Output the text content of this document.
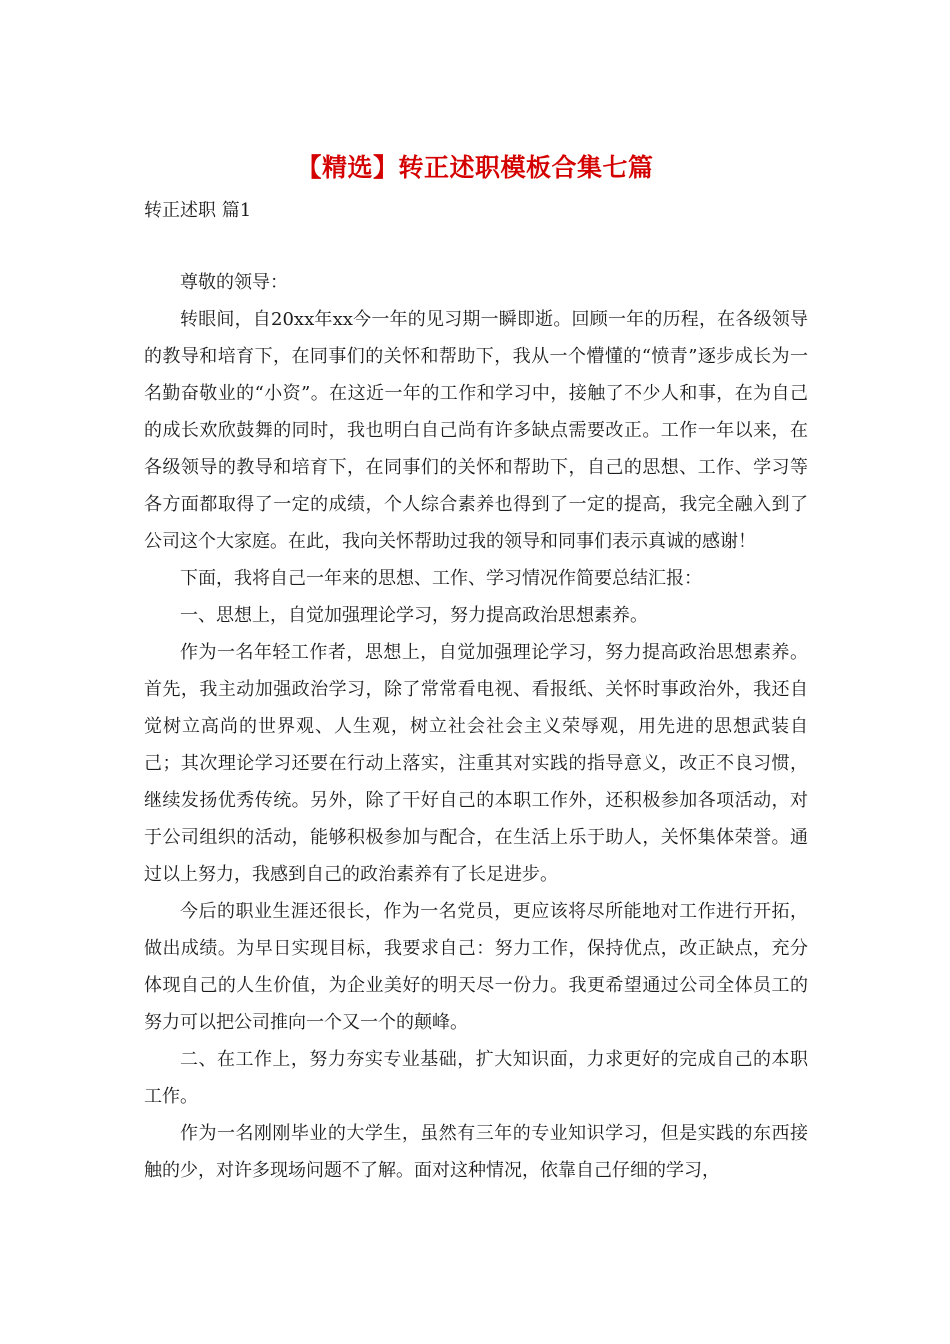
【精选】转正述职模板合集七篇
转正述职 篇1

尊敬的领导：

转眼间，自20xx年xx今一年的见习期一瞬即逝。回顾一年的历程，在各级领导的教导和培育下，在同事们的关怀和帮助下，我从一个懵懂的“愤青”逐步成长为一名勤奋敬业的“小资”。在这近一年的工作和学习中，接触了不少人和事，在为自己的成长欢欣鼓舞的同时，我也明白自己尚有许多缺点需要改正。工作一年以来，在各级领导的教导和培育下，在同事们的关怀和帮助下，自己的思想、工作、学习等各方面都取得了一定的成绩，个人综合素养也得到了一定的提高，我完全融入到了公司这个大家庭。在此，我向关怀帮助过我的领导和同事们表示真诚的感谢！

下面，我将自己一年来的思想、工作、学习情况作简要总结汇报：

一、思想上，自觉加强理论学习，努力提高政治思想素养。

作为一名年轻工作者，思想上，自觉加强理论学习，努力提高政治思想素养。首先，我主动加强政治学习，除了常常看电视、看报纸、关怀时事政治外，我还自觉树立高尚的世界观、人生观，树立社会社会主义荣辱观，用先进的思想武装自己；其次理论学习还要在行动上落实，注重其对实践的指导意义，改正不良习惯，继续发扬优秀传统。另外，除了干好自己的本职工作外，还积极参加各项活动，对于公司组织的活动，能够积极参加与配合，在生活上乐于助人，关怀集体荣誉。通过以上努力，我感到自己的政治素养有了长足进步。

今后的职业生涯还很长，作为一名党员，更应该将尽所能地对工作进行开拓，做出成绩。为早日实现目标，我要求自己：努力工作，保持优点，改正缺点，充分体现自己的人生价值，为企业美好的明天尽一份力。我更希望通过公司全体员工的努力可以把公司推向一个又一个的颠峰。

二、在工作上，努力夯实专业基础，扩大知识面，力求更好的完成自己的本职工作。

作为一名刚刚毕业的大学生，虽然有三年的专业知识学习，但是实践的东西接触的少，对许多现场问题不了解。面对这种情况，依靠自己仔细的学习，
